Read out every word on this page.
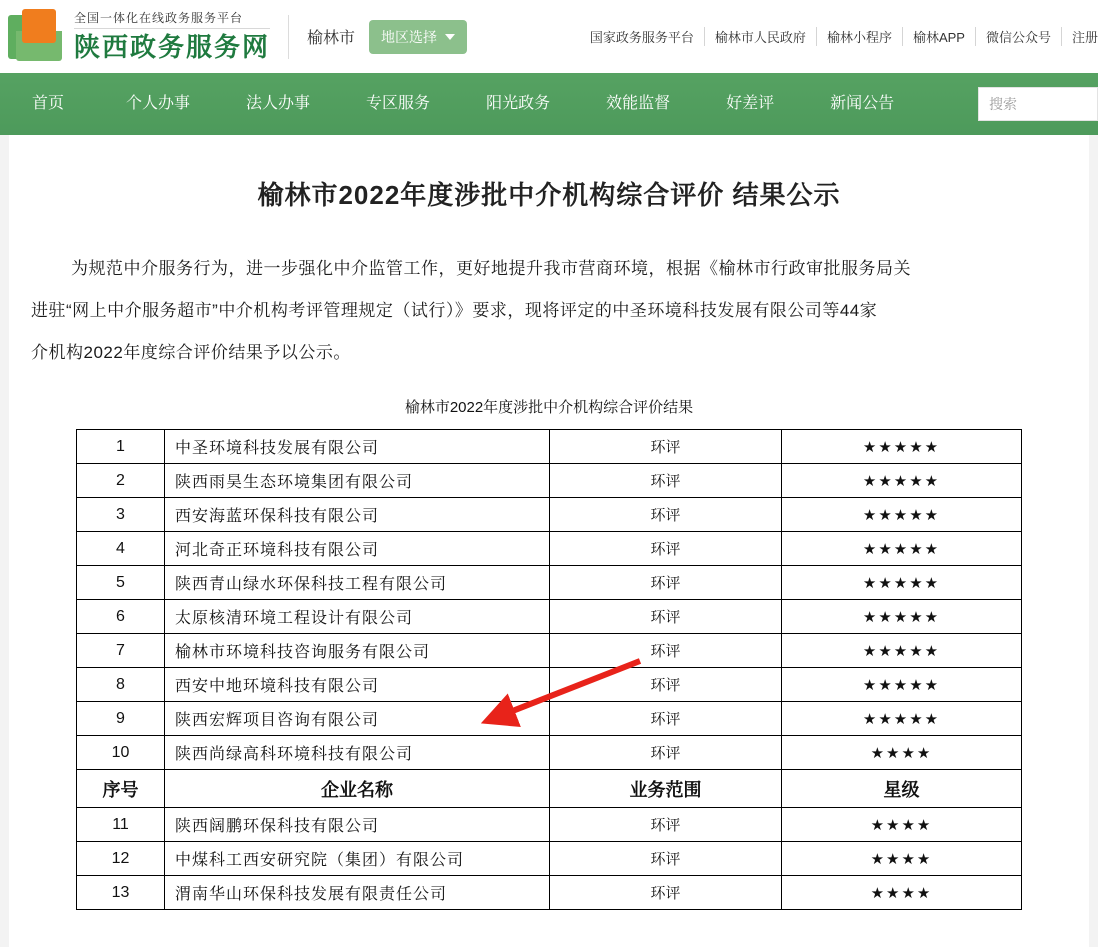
全国一体化在线政务服务平台
陕西政务服务网 榆林市 地区选择	国家政务服务平台	榆林市人民政府	榆林小程序	榆林APP	微信公众号	注册
首页	个人办事	法人办事	专区服务	阳光政务	效能监督	好差评	新闻公告	搜索
榆林市2022年度涉批中介机构综合评价 结果公示
为规范中介服务行为，进一步强化中介监管工作，更好地提升我市营商环境，根据《榆林市行政审批服务局关
进驻“网上中介服务超市”中介机构考评管理规定（试行）》要求，现将评定的中圣环境科技发展有限公司等44家
介机构2022年度综合评价结果予以公示。
榆林市2022年度涉批中介机构综合评价结果
1	中圣环境科技发展有限公司	环评	★★★★★
2	陕西雨昊生态环境集团有限公司	环评	★★★★★
3	西安海蓝环保科技有限公司	环评	★★★★★
4	河北奇正环境科技有限公司	环评	★★★★★
5	陕西青山绿水环保科技工程有限公司	环评	★★★★★
6	太原核清环境工程设计有限公司	环评	★★★★★
7	榆林市环境科技咨询服务有限公司	环评	★★★★★
8	西安中地环境科技有限公司	环评	★★★★★
9	陕西宏辉项目咨询有限公司	环评	★★★★★
10	陕西尚绿高科环境科技有限公司	环评	★★★★
序号	企业名称	业务范围	星级
11	陕西阔鹏环保科技有限公司	环评	★★★★
12	中煤科工西安研究院（集团）有限公司	环评	★★★★
13	渭南华山环保科技发展有限责任公司	环评	★★★★
